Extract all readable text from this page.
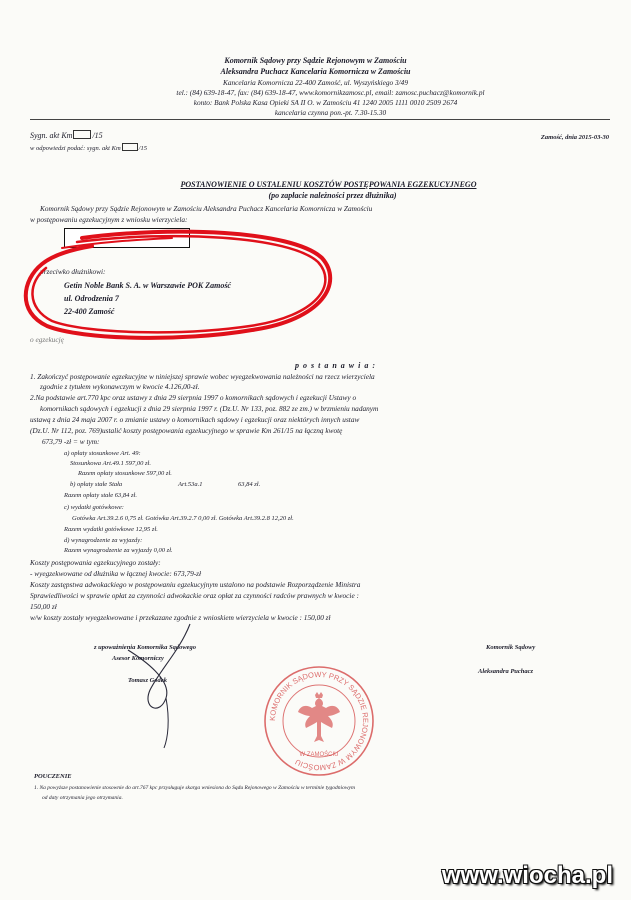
Komornik Sądowy przy Sądzie Rejonowym w Zamościu
Aleksandra Puchacz Kancelaria Komornicza w Zamościu
Kancelaria Komornicza 22-400 Zamość, ul. Wyszyńskiego 3/49
tel.: (84) 639-18-47, fax: (84) 639-18-47, www.komornikzamosc.pl, email: zamosc.puchacz@komornik.pl
konto: Bank Polska Kasa Opieki SA II O. w Zamościu 41 1240 2005 1111 0010 2509 2674
kancelaria czynna pon.-pt. 7.30-15.30
Sygn. akt Km	/15
w odpowiedzi podać: sygn. akt Km	/15
Zamość, dnia 2015-03-30
POSTANOWIENIE O USTALENIU KOSZTÓW POSTĘPOWANIA EGZEKUCYJNEGO
(po zapłacie należności przez dłużnika)
Komornik Sądowy przy Sądzie Rejonowym w Zamościu Aleksandra Puchacz Kancelaria Komornicza w Zamościu
w postępowaniu egzekucyjnym z wniosku wierzyciela:
przeciwko dłużnikowi:
Getin Noble Bank S. A. w Warszawie POK Zamość
ul. Odrodzenia 7
22-400 Zamość
o egzekucję
p o s t a n a w i a :
1. Zakończyć postępowanie egzekucyjne w niniejszej sprawie wobec wyegzekwowania należności na rzecz wierzyciela
zgodnie z tytułem wykonawczym w kwocie 4.126,00-zł.
2.Na podstawie art.770 kpc oraz ustawy z dnia 29 sierpnia 1997 o komornikach sądowych i egzekucji Ustawy o
komornikach sądowych i egzekucji z dnia 29 sierpnia 1997 r. (Dz.U. Nr 133, poz. 882 ze zm.) w brzmieniu nadanym
ustawą z dnia 24 maja 2007 r. o zmianie ustawy o komornikach sądowy i egzekucji oraz niektórych innych ustaw
(Dz.U. Nr 112, poz. 769)ustalić koszty postępowania egzekucyjnego w sprawie Km 261/15 na łączną kwotę
673,79 -zł = w tym:
a) opłaty stosunkowe Art. 49:
Stosunkowa Art.49.1 597,00 zł.
Razem opłaty stosunkowe 597,00 zł.
b) opłaty stałe Stała	Art.53a.1	63,84 zł.
Razem opłaty stałe 63,84 zł.
c) wydatki gotówkowe:
Gotówka Art.39.2.6 0,75 zł. Gotówka Art.39.2.7 0,00 zł. Gotówka Art.39.2.8 12,20 zł.
Razem wydatki gotówkowe 12,95 zł.
d) wynagrodzenie za wyjazdy:
Razem wynagrodzenie za wyjazdy 0,00 zł.
Koszty postępowania egzekucyjnego zostały:
- wyegzekwowane od dłużnika w łącznej kwocie: 673,79-zł
Koszty zastępstwa adwokackiego w postępowaniu egzekucyjnym ustalono na podstawie Rozporządzenie Ministra
Sprawiedliwości w sprawie opłat za czynności adwokackie oraz opłat za czynności radców prawnych w kwocie :
150,00 zł
w/w koszty zostały wyegzekwowane i przekazane zgodnie z wnioskiem wierzyciela w kwocie : 150,00 zł
z upoważnienia Komornika Sądowego
Asesor Komorniczy
Tomasz Godek
Komornik Sądowy
Aleksandra Puchacz
KOMORNIK SĄDOWY PRZY SĄDZIE REJONOWYM W ZAMOŚCIU
W ZAMOŚCIU
POUCZENIE
1. Na powyższe postanowienie stosownie do art.767 kpc przysługuje skarga wniesiona do Sądu Rejonowego w Zamościu w terminie tygodniowym
od daty otrzymania jego otrzymania.
www.wiocha.pl
